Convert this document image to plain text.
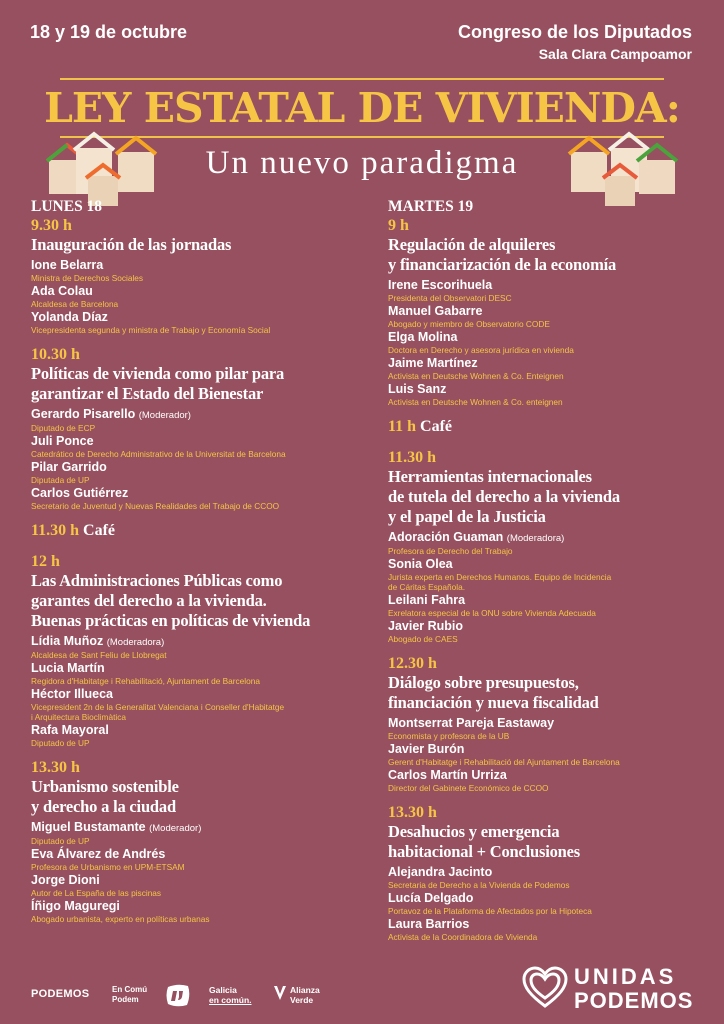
18 y 19 de octubre	Congreso de los Diputados
Sala Clara Campoamor
LEY ESTATAL DE VIVIENDA:
Un nuevo paradigma
LUNES 18
9.30 h
Inauguración de las jornadas
Ione Belarra
Ministra de Derechos Sociales
Ada Colau
Alcaldesa de Barcelona
Yolanda Díaz
Vicepresidenta segunda y ministra de Trabajo y Economía Social
10.30 h
Políticas de vivienda como pilar para
garantizar el Estado del Bienestar
Gerardo Pisarello (Moderador)
Diputado de ECP
Juli Ponce
Catedrático de Derecho Administrativo de la Universitat de Barcelona
Pilar Garrido
Diputada de UP
Carlos Gutiérrez
Secretario de Juventud y Nuevas Realidades del Trabajo de CCOO
11.30 h Café
12 h
Las Administraciones Públicas como
garantes del derecho a la vivienda.
Buenas prácticas en políticas de vivienda
Lídia Muñoz (Moderadora)
Alcaldesa de Sant Feliu de Llobregat
Lucia Martín
Regidora d'Habitatge i Rehabilitació, Ajuntament de Barcelona
Héctor Illueca
Vicepresident 2n de la Generalitat Valenciana i Conseller d'Habitatge
i Arquitectura Bioclimàtica
Rafa Mayoral
Diputado de UP
13.30 h
Urbanismo sostenible
y derecho a la ciudad
Miguel Bustamante (Moderador)
Diputado de UP
Eva Álvarez de Andrés
Profesora de Urbanismo en UPM-ETSAM
Jorge Dioni
Autor de La España de las piscinas
Íñigo Maguregi
Abogado urbanista, experto en políticas urbanas
MARTES 19
9 h
Regulación de alquileres
y financiarización de la economía
Irene Escorihuela
Presidenta del Observatori DESC
Manuel Gabarre
Abogado y miembro de Observatorio CODE
Elga Molina
Doctora en Derecho y asesora jurídica en vivienda
Jaime Martínez
Activista en Deutsche Wohnen & Co. Enteignen
Luis Sanz
Activista en Deutsche Wohnen & Co. enteignen
11 h Café
11.30 h
Herramientas internacionales
de tutela del derecho a la vivienda
y el papel de la Justicia
Adoración Guaman (Moderadora)
Profesora de Derecho del Trabajo
Sonia Olea
Jurista experta en Derechos Humanos. Equipo de Incidencia
de Cáritas Española.
Leilani Fahra
Exrelatora especial de la ONU sobre Vivienda Adecuada
Javier Rubio
Abogado de CAES
12.30 h
Diálogo sobre presupuestos,
financiación y nueva fiscalidad
Montserrat Pareja Eastaway
Economista y profesora de la UB
Javier Burón
Gerent d'Habitatge i Rehabilitació del Ajuntament de Barcelona
Carlos Martín Urriza
Director del Gabinete Económico de CCOO
13.30 h
Desahucios y emergencia
habitacional + Conclusiones
Alejandra Jacinto
Secretaria de Derecho a la Vivienda de Podemos
Lucía Delgado
Portavoz de la Plataforma de Afectados por la Hipoteca
Laura Barrios
Activista de la Coordinadora de Vivienda
PODEMOS	En Comú
Podem
Galicia
en común.
Alianza
Verde
UNIDAS
PODEMOS
